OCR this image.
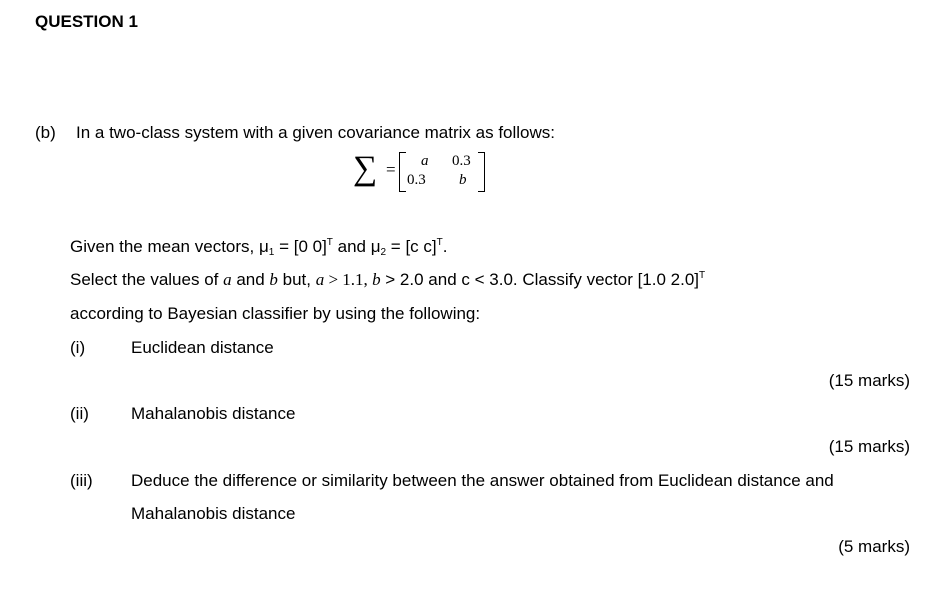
QUESTION 1
(b) In a two-class system with a given covariance matrix as follows:
∑ = a 0.3
0.3 b
Given the mean vectors, $\mu_1 = [0$ 0]$^T$ and $\mu_2 = [c$ c]$^T$.
Select the values of a and b but, a > 1.1, b > 2.0 and c < 3.0. Classify vector [1.0 2.0]$^T$
according to Bayesian classifier by using the following:
(i)	Euclidean distance
(15 marks)
(ii) Mahalanobis distance
(15 marks)
(iii) Deduce the difference or similarity between the answer obtained from Euclidean distance and
Mahalanobis distance
(5 marks)
